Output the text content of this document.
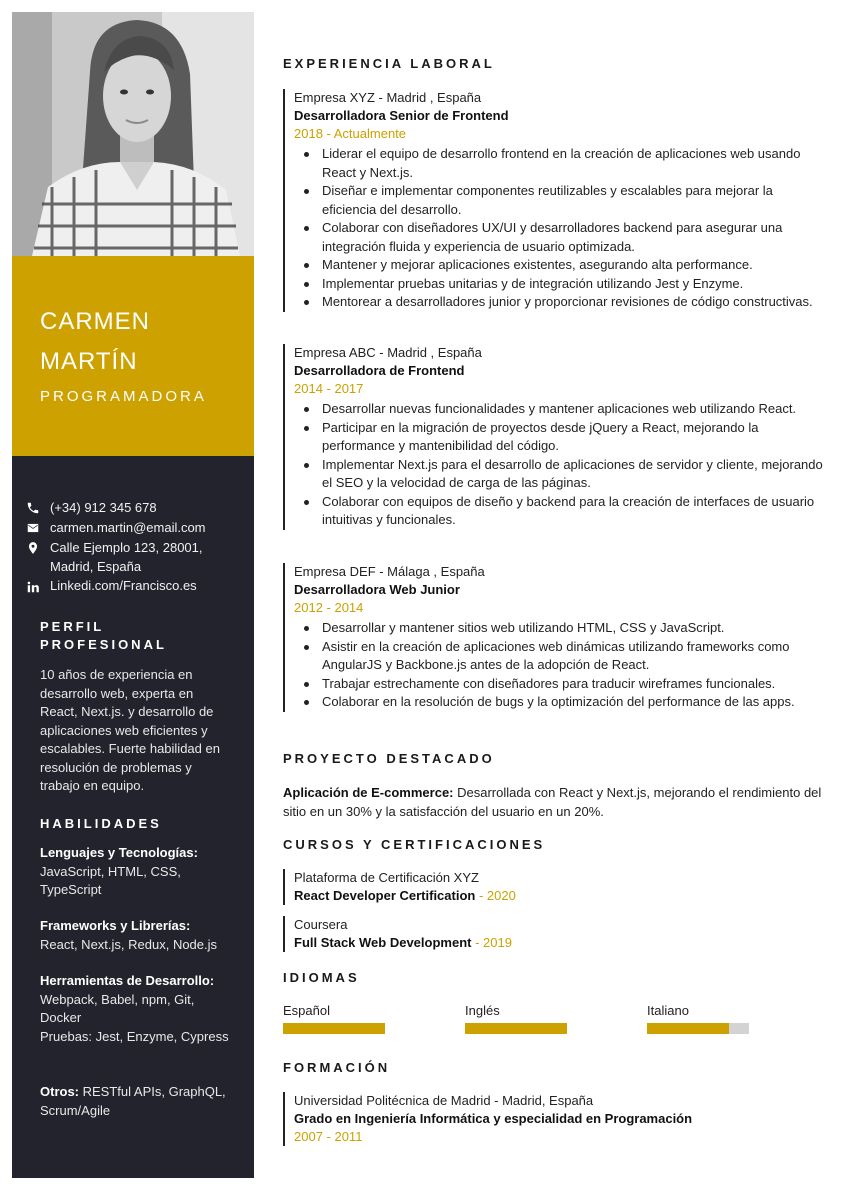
CARMEN
MARTÍN
PROGRAMADORA
(+34) 912 345 678
carmen.martin@email.com
Calle Ejemplo 123, 28001, Madrid, España
Linkedi.com/Francisco.es
PERFIL PROFESIONAL
10 años de experiencia en desarrollo web, experta en React, Next.js. y desarrollo de aplicaciones web eficientes y escalables. Fuerte habilidad en resolución de problemas y trabajo en equipo.
HABILIDADES
Lenguajes y Tecnologías:
JavaScript, HTML, CSS, TypeScript
Frameworks y Librerías:
React, Next.js, Redux, Node.js
Herramientas de Desarrollo:
Webpack, Babel, npm, Git, Docker
Pruebas: Jest, Enzyme, Cypress
Otros: RESTful APIs, GraphQL, Scrum/Agile
EXPERIENCIA LABORAL
Empresa XYZ - Madrid , España
Desarrolladora Senior de Frontend
2018 - Actualmente
Liderar el equipo de desarrollo frontend en la creación de aplicaciones web usando React y Next.js.
Diseñar e implementar componentes reutilizables y escalables para mejorar la eficiencia del desarrollo.
Colaborar con diseñadores UX/UI y desarrolladores backend para asegurar una integración fluida y experiencia de usuario optimizada.
Mantener y mejorar aplicaciones existentes, asegurando alta performance.
Implementar pruebas unitarias y de integración utilizando Jest y Enzyme.
Mentorear a desarrolladores junior y proporcionar revisiones de código constructivas.
Empresa ABC - Madrid , España
Desarrolladora de Frontend
2014 - 2017
Desarrollar nuevas funcionalidades y mantener aplicaciones web utilizando React.
Participar en la migración de proyectos desde jQuery a React, mejorando la performance y mantenibilidad del código.
Implementar Next.js para el desarrollo de aplicaciones de servidor y cliente, mejorando el SEO y la velocidad de carga de las páginas.
Colaborar con equipos de diseño y backend para la creación de interfaces de usuario intuitivas y funcionales.
Empresa DEF - Málaga , España
Desarrolladora Web Junior
2012 - 2014
Desarrollar y mantener sitios web utilizando HTML, CSS y JavaScript.
Asistir en la creación de aplicaciones web dinámicas utilizando frameworks como AngularJS y Backbone.js antes de la adopción de React.
Trabajar estrechamente con diseñadores para traducir wireframes funcionales.
Colaborar en la resolución de bugs y la optimización del performance de las apps.
PROYECTO DESTACADO
Aplicación de E-commerce: Desarrollada con React y Next.js, mejorando el rendimiento del sitio en un 30% y la satisfacción del usuario en un 20%.
CURSOS Y CERTIFICACIONES
Plataforma de Certificación XYZ
React Developer Certification - 2020
Coursera
Full Stack Web Development - 2019
IDIOMAS
Español	Inglés	Italiano
FORMACIÓN
Universidad Politécnica de Madrid - Madrid, España
Grado en Ingeniería Informática y especialidad en Programación
2007 - 2011
